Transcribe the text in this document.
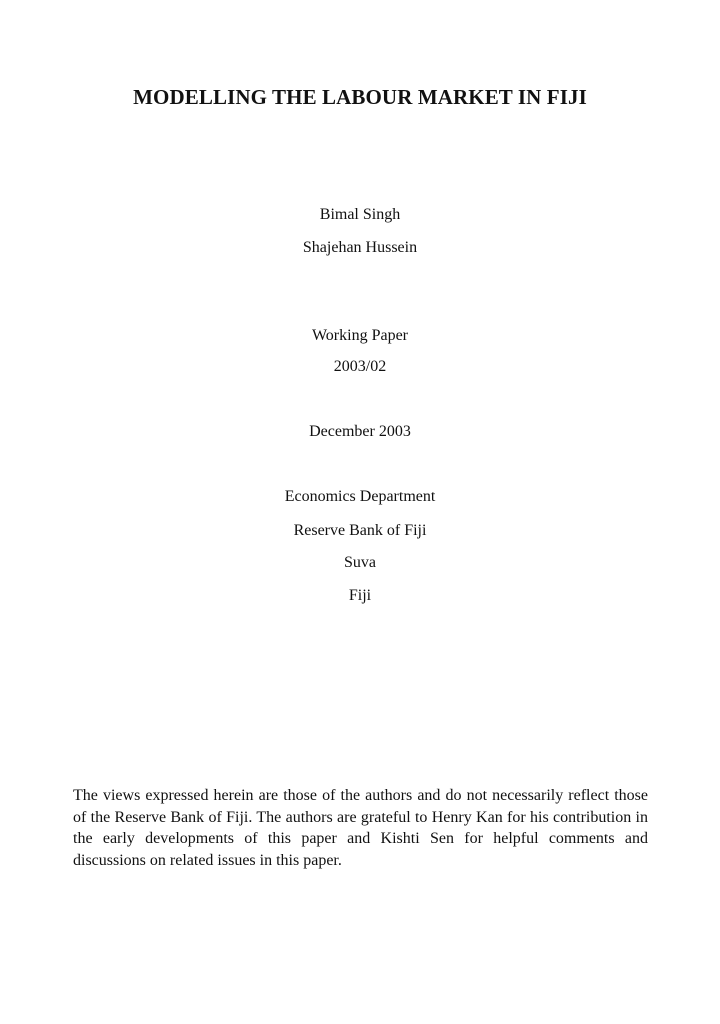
MODELLING THE LABOUR MARKET IN FIJI
Bimal Singh
Shajehan Hussein
Working Paper
2003/02
December 2003
Economics Department
Reserve Bank of Fiji
Suva
Fiji

The views expressed herein are those of the authors and do not necessarily reflect those of the Reserve Bank of Fiji. The authors are grateful to Henry Kan for his contribution in the early developments of this paper and Kishti Sen for helpful comments and discussions on related issues in this paper.
